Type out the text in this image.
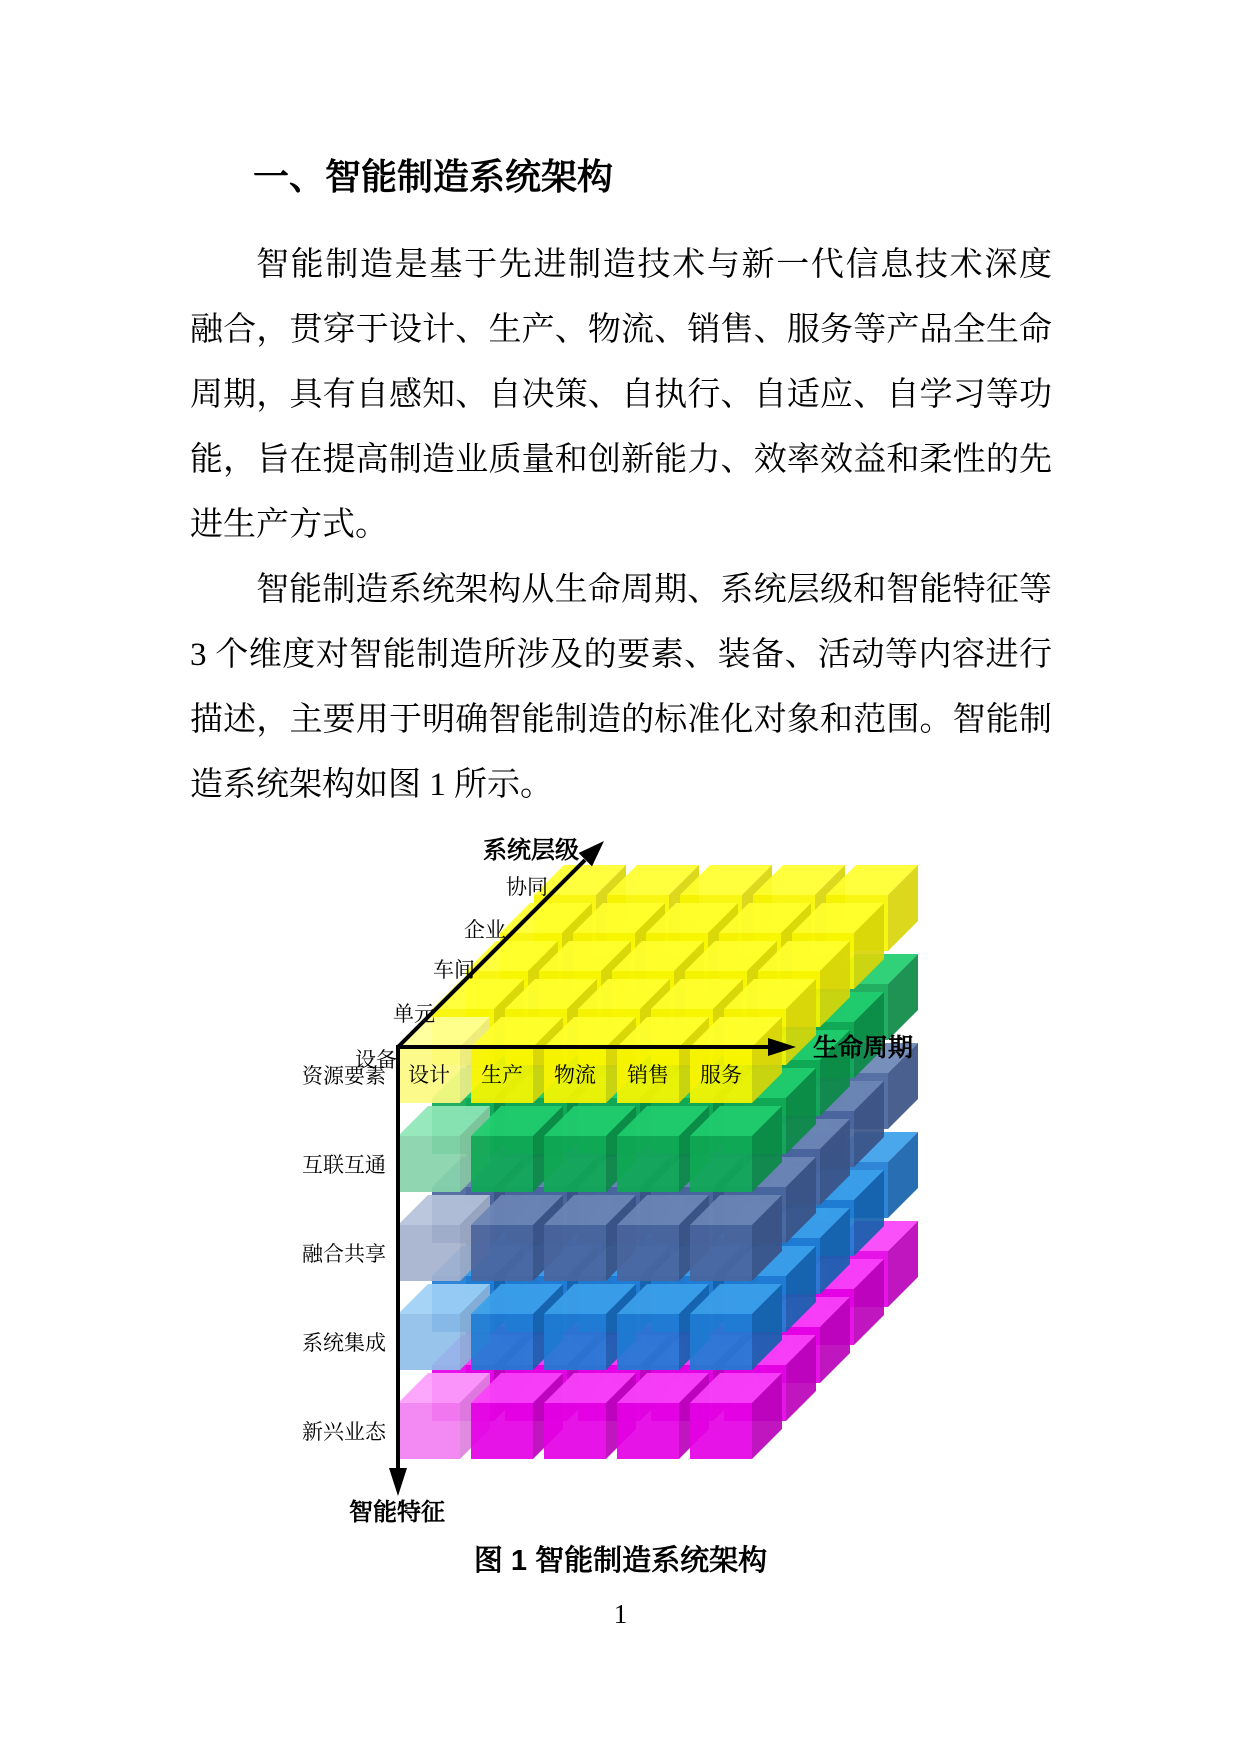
一、智能制造系统架构
智能制造是基于先进制造技术与新一代信息技术深度
融合，贯穿于设计、生产、物流、销售、服务等产品全生命
周期，具有自感知、自决策、自执行、自适应、自学习等功
能，旨在提高制造业质量和创新能力、效率效益和柔性的先
进生产方式。
智能制造系统架构从生命周期、系统层级和智能特征等
3 个维度对智能制造所涉及的要素、装备、活动等内容进行
描述，主要用于明确智能制造的标准化对象和范围。智能制
造系统架构如图 1 所示。
设计 生产 物流 销售 服务
生命周期
系统层级
设备
单元
车间
企业
协同
智能特征
资源要素
互联互通
融合共享
系统集成
新兴业态
图 1 智能制造系统架构
1
